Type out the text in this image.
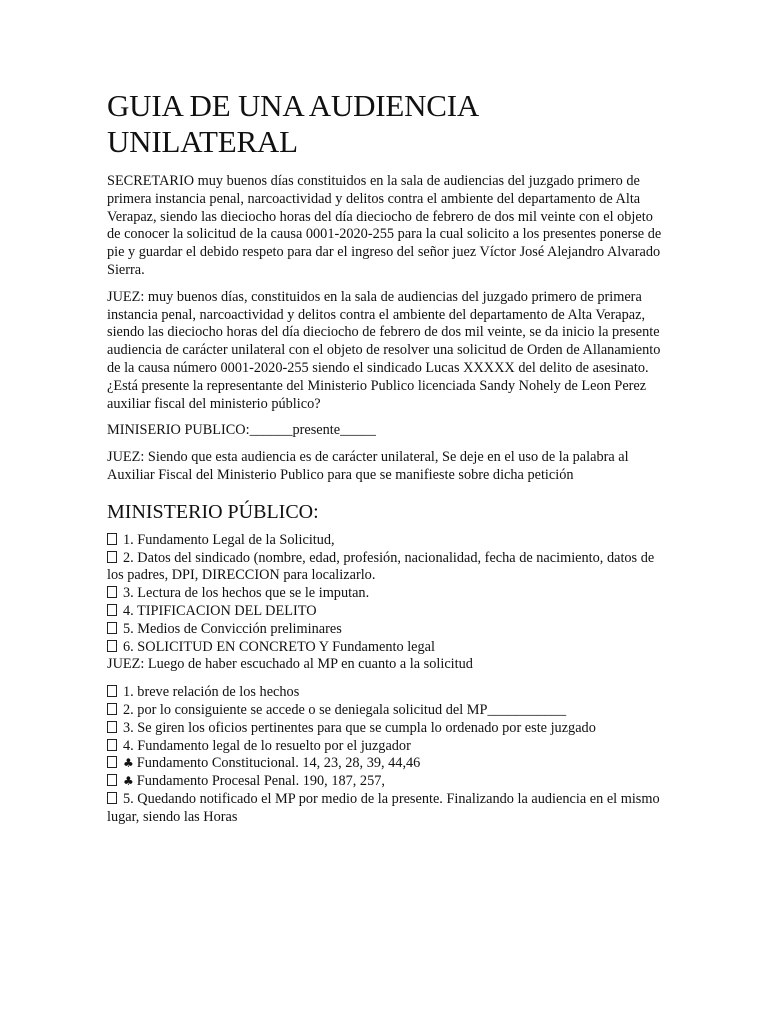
GUIA DE UNA AUDIENCIA
UNILATERAL

SECRETARIO muy buenos días constituidos en la sala de audiencias del juzgado primero de primera instancia penal, narcoactividad y delitos contra el ambiente del departamento de Alta Verapaz, siendo las dieciocho horas del día dieciocho de febrero de dos mil veinte con el objeto de conocer la solicitud de la causa 0001-2020-255 para la cual solicito a los presentes ponerse de pie y guardar el debido respeto para dar el ingreso del señor juez Víctor José Alejandro Alvarado Sierra.

JUEZ: muy buenos días, constituidos en la sala de audiencias del juzgado primero de primera instancia penal, narcoactividad y delitos contra el ambiente del departamento de Alta Verapaz, siendo las dieciocho horas del día dieciocho de febrero de dos mil veinte, se da inicio la presente audiencia de carácter unilateral con el objeto de resolver una solicitud de Orden de Allanamiento de la causa número 0001-2020-255 siendo el sindicado Lucas XXXXX del delito de asesinato. ¿Está presente la representante del Ministerio Publico licenciada Sandy Nohely de Leon Perez auxiliar fiscal del ministerio público?

MINISERIO PUBLICO:______presente_____

JUEZ: Siendo que esta audiencia es de carácter unilateral, Se deje en el uso de la palabra al Auxiliar Fiscal del Ministerio Publico para que se manifieste sobre dicha petición

MINISTERIO PÚBLICO:
1. Fundamento Legal de la Solicitud,
2. Datos del sindicado (nombre, edad, profesión, nacionalidad, fecha de nacimiento, datos de los padres, DPI, DIRECCION para localizarlo.
3. Lectura de los hechos que se le imputan.
4. TIPIFICACION DEL DELITO
5. Medios de Convicción preliminares
6. SOLICITUD EN CONCRETO Y Fundamento legal

JUEZ: Luego de haber escuchado al MP en cuanto a la solicitud

1. breve relación de los hechos
2. por lo consiguiente se accede o se deniegala solicitud del MP___________
3. Se giren los oficios pertinentes para que se cumpla lo ordenado por este juzgado
4. Fundamento legal de lo resuelto por el juzgador
♣ Fundamento Constitucional. 14, 23, 28, 39, 44,46
♣ Fundamento Procesal Penal. 190, 187, 257,
5. Quedando notificado el MP por medio de la presente. Finalizando la audiencia en el mismo lugar, siendo las Horas
